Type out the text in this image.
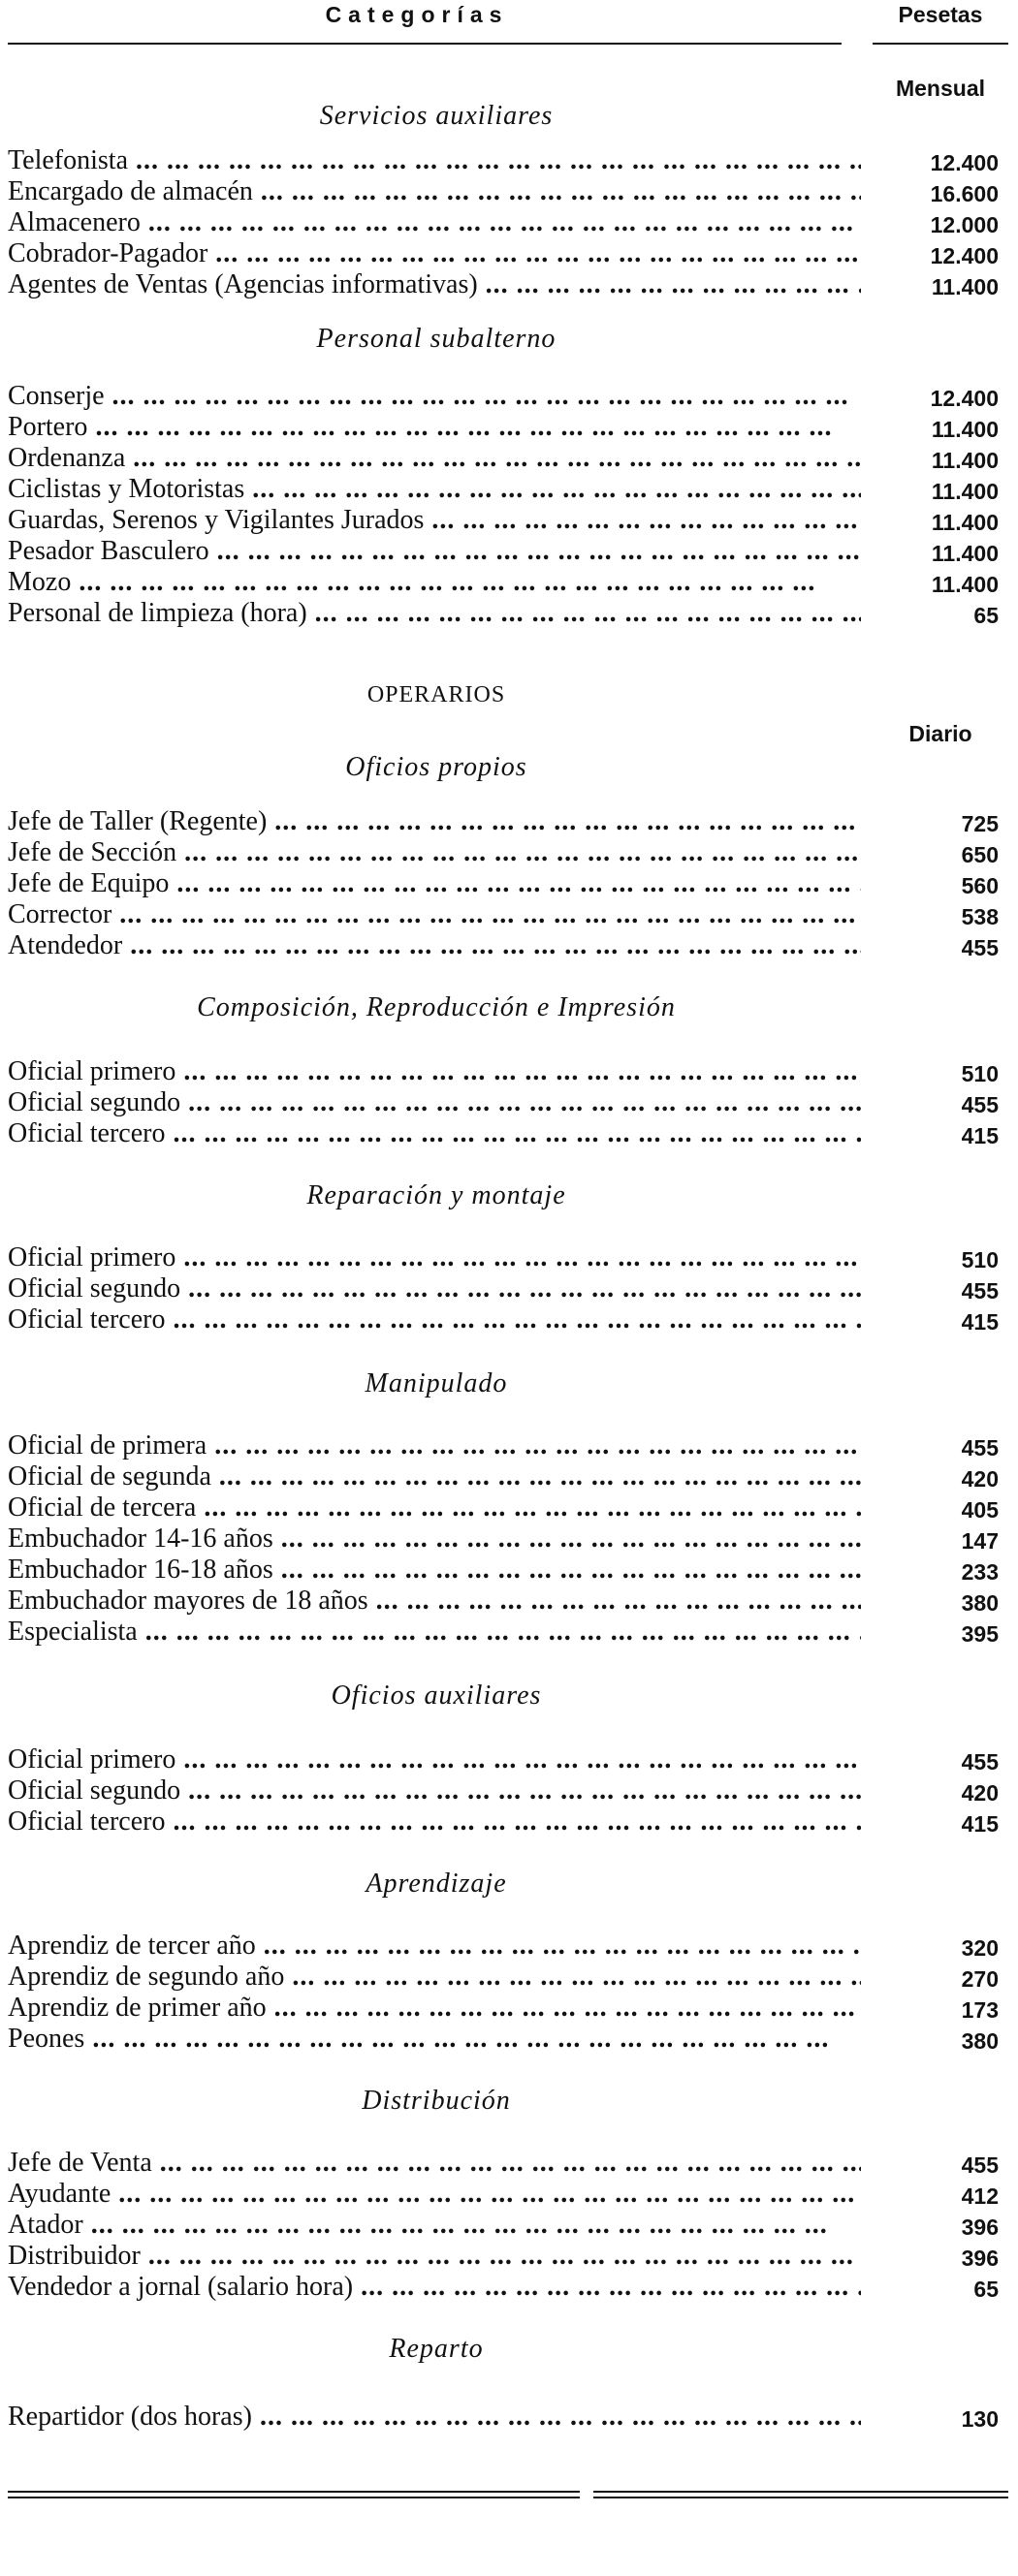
Categorías	Pesetas
Mensual
Servicios auxiliares
Telefonista ... .	12.400
Encargado de almacén ... .	16.600
Almacenero ... .	12.000
Cobrador-Pagador ... .	12.400
Agentes de Ventas (Agencias informativas) ... .	11.400
Personal subalterno
Conserje ... .	12.400
Portero ... .	11.400
Ordenanza ... .	11.400
Ciclistas y Motoristas ... .	11.400
Guardas, Serenos y Vigilantes Jurados ... .	11.400
Pesador Basculero ... .	11.400
Mozo ... .	11.400
Personal de limpieza (hora) ... .	65
OPERARIOS
Diario
Oficios propios
Jefe de Taller (Regente) ... .	725
Jefe de Sección ... .	650
Jefe de Equipo ... .	560
Corrector ... .	538
Atendedor ... .	455
Composición, Reproducción e Impresión
Oficial primero ... .	510
Oficial segundo ... .	455
Oficial tercero ... .	415
Reparación y montaje
Oficial primero ... .	510
Oficial segundo ... .	455
Oficial tercero ... .	415
Manipulado
Oficial de primera ... .	455
Oficial de segunda ... .	420
Oficial de tercera ... .	405
Embuchador 14-16 años ... .	147
Embuchador 16-18 años ... .	233
Embuchador mayores de 18 años ... .	380
Especialista ... .	395
Oficios auxiliares
Oficial primero ... .	455
Oficial segundo ... .	420
Oficial tercero ... .	415
Aprendizaje
Aprendiz de tercer año ... .	320
Aprendiz de segundo año ... .	270
Aprendiz de primer año ... .	173
Peones ... .	380
Distribución
Jefe de Venta ... .	455
Ayudante ... .	412
Atador ... .	396
Distribuidor ... .	396
Vendedor a jornal (salario hora) ... .	65
Reparto
Repartidor (dos horas) ... .	130
